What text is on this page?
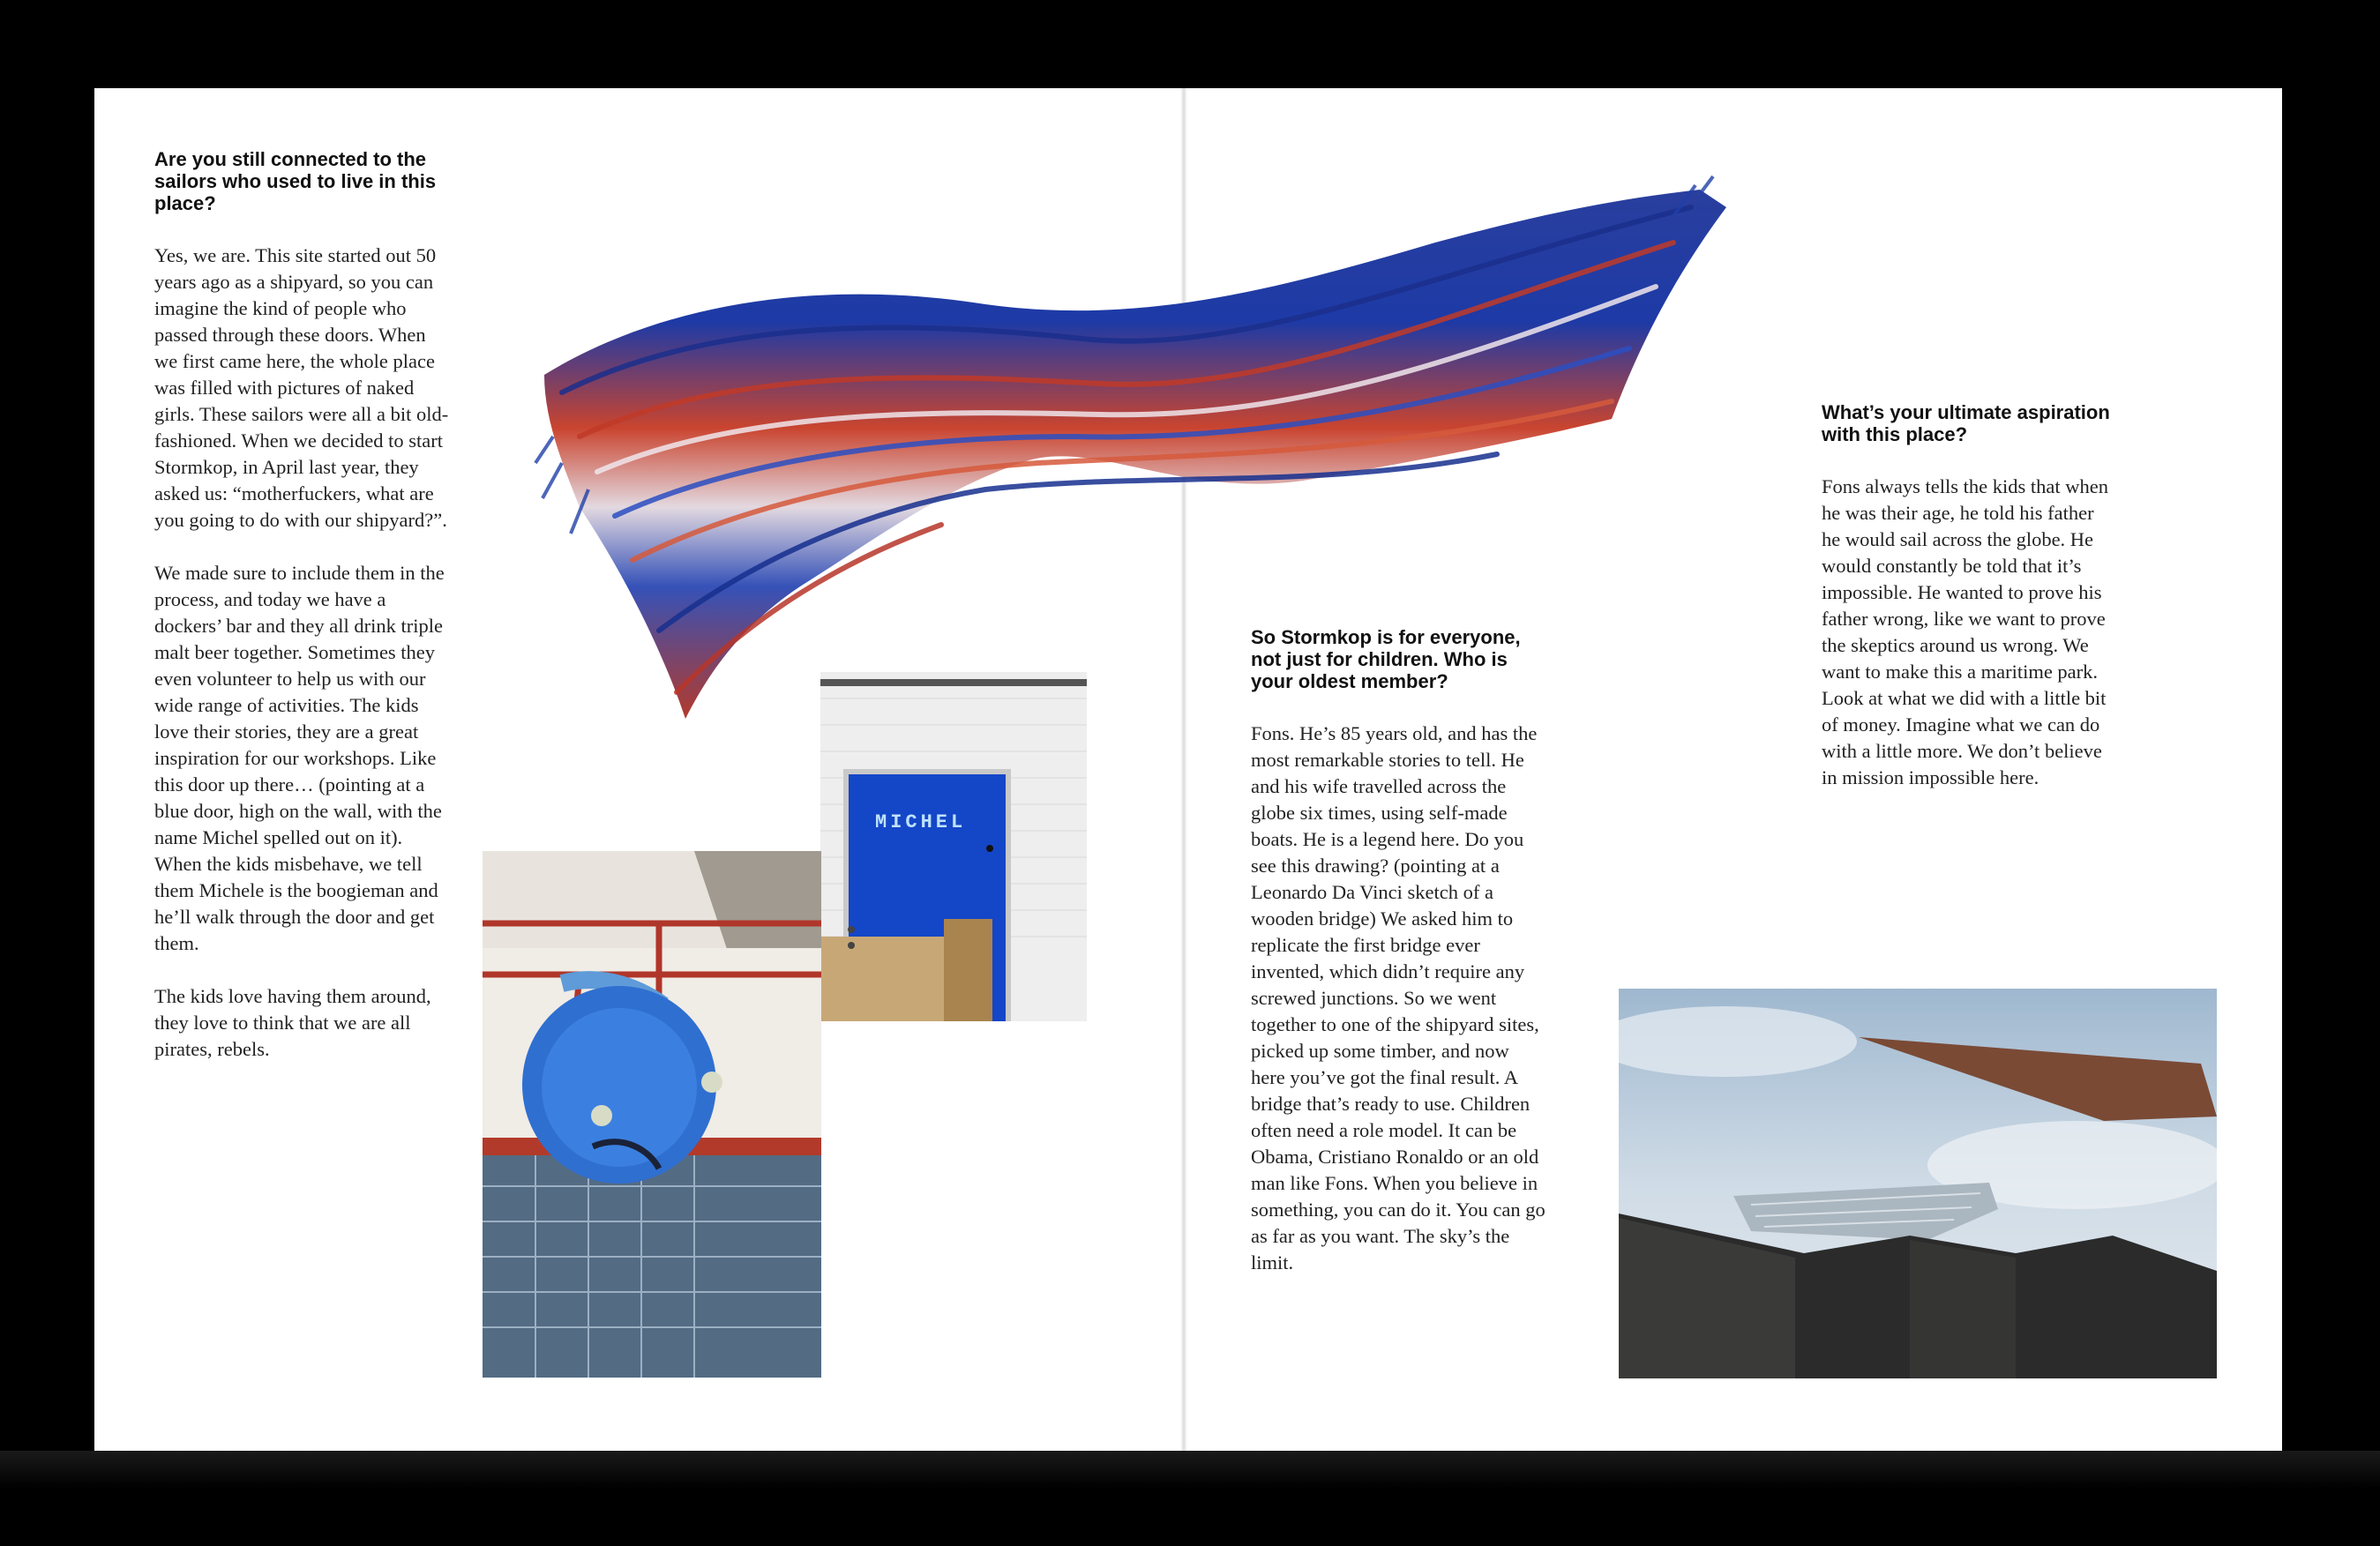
Are you still connected to the sailors who used to live in this place?

Yes, we are. This site started out 50 years ago as a shipyard, so you can imagine the kind of people who passed through these doors. When we first came here, the whole place was filled with pictures of naked girls. These sailors were all a bit old-fashioned. When we decided to start Stormkop, in April last year, they asked us: “motherfuckers, what are you going to do with our shipyard?”.

We made sure to include them in the process, and today we have a dockers’ bar and they all drink triple malt beer together. Sometimes they even volunteer to help us with our wide range of activities. The kids love their stories, they are a great inspiration for our workshops. Like this door up there… (pointing at a blue door, high on the wall, with the name Michel spelled out on it). When the kids misbehave, we tell them Michele is the boogieman and he’ll walk through the door and get them.

The kids love having them around, they love to think that we are all pirates, rebels.

MICHEL
So Stormkop is for everyone, not just for children. Who is your oldest member?

Fons. He’s 85 years old, and has the most remarkable stories to tell. He and his wife travelled across the globe six times, using self-made boats. He is a legend here. Do you see this drawing? (pointing at a Leonardo Da Vinci sketch of a wooden bridge) We asked him to replicate the first bridge ever invented, which didn’t require any screwed junctions. So we went together to one of the shipyard sites, picked up some timber, and now here you’ve got the final result. A bridge that’s ready to use. Children often need a role model. It can be Obama, Cristiano Ronaldo or an old man like Fons. When you believe in something, you can do it. You can go as far as you want. The sky’s the limit.

What’s your ultimate aspiration with this place?

Fons always tells the kids that when he was their age, he told his father he would sail across the globe. He would constantly be told that it’s impossible. He wanted to prove his father wrong, like we want to prove the skeptics around us wrong. We want to make this a maritime park. Look at what we did with a little bit of money. Imagine what we can do with a little more. We don’t believe in mission impossible here.
